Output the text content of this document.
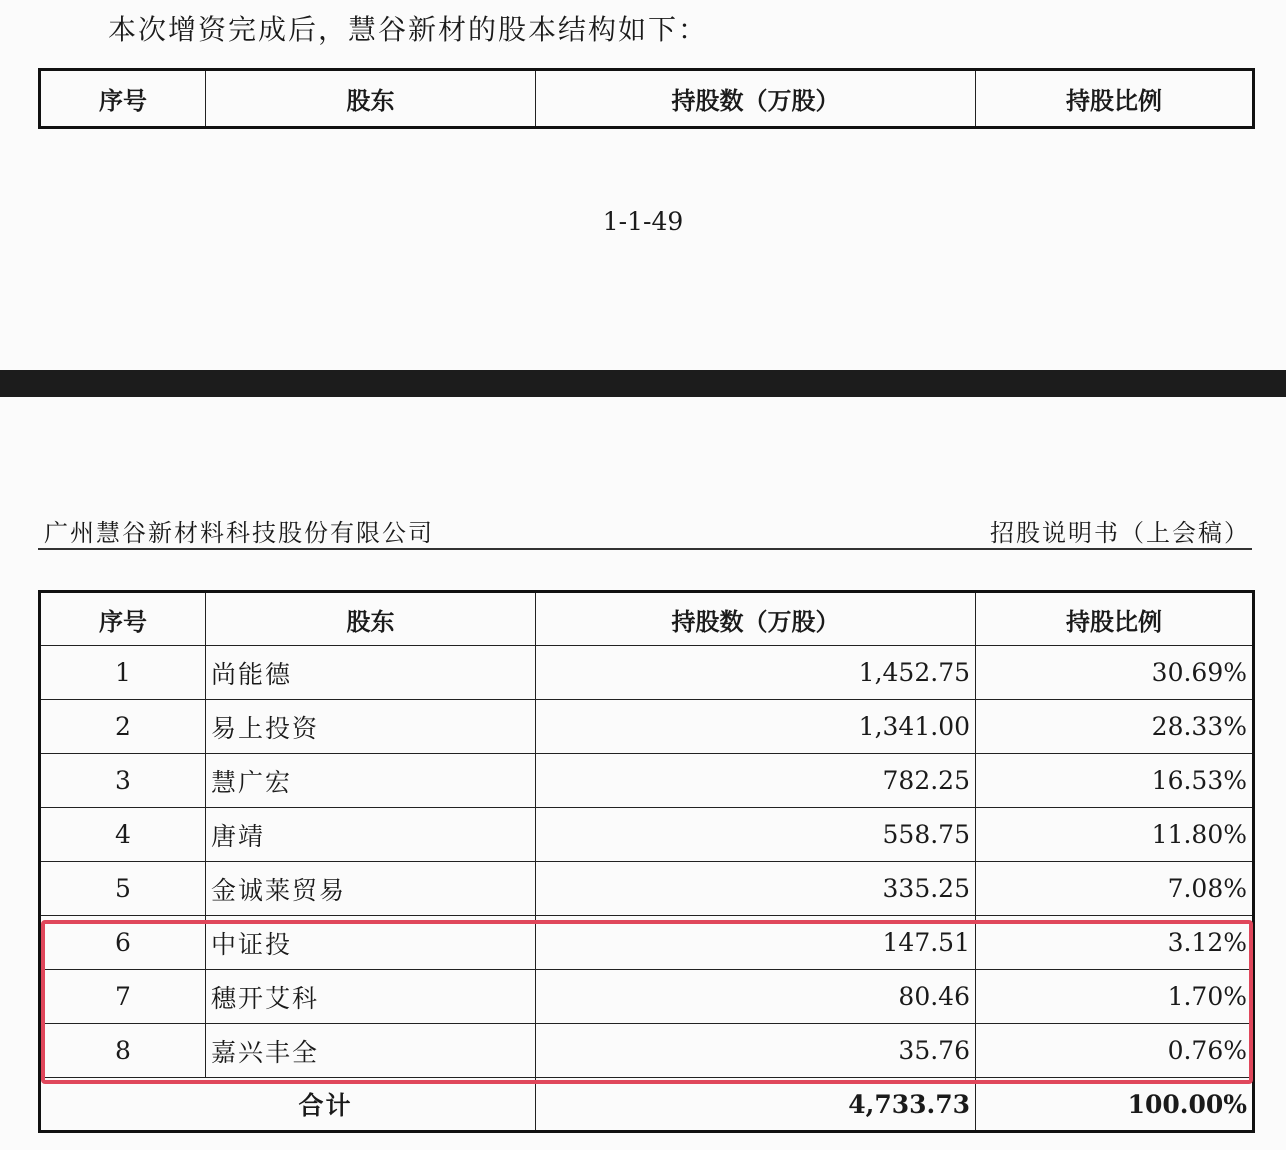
本次增资完成后，慧谷新材的股本结构如下：
序号	股东	持股数（万股）	持股比例
1-1-49
广州慧谷新材料科技股份有限公司	招股说明书（上会稿）
序号	股东	持股数（万股）	持股比例
1	尚能德	1,452.75	30.69%
2	易上投资	1,341.00	28.33%
3	慧广宏	782.25	16.53%
4	唐靖	558.75	11.80%
5	金诚莱贸易	335.25	7.08%
6	中证投	147.51	3.12%
7	穗开艾科	80.46	1.70%
8	嘉兴丰全	35.76	0.76%
合计		4,733.73	100.00%
